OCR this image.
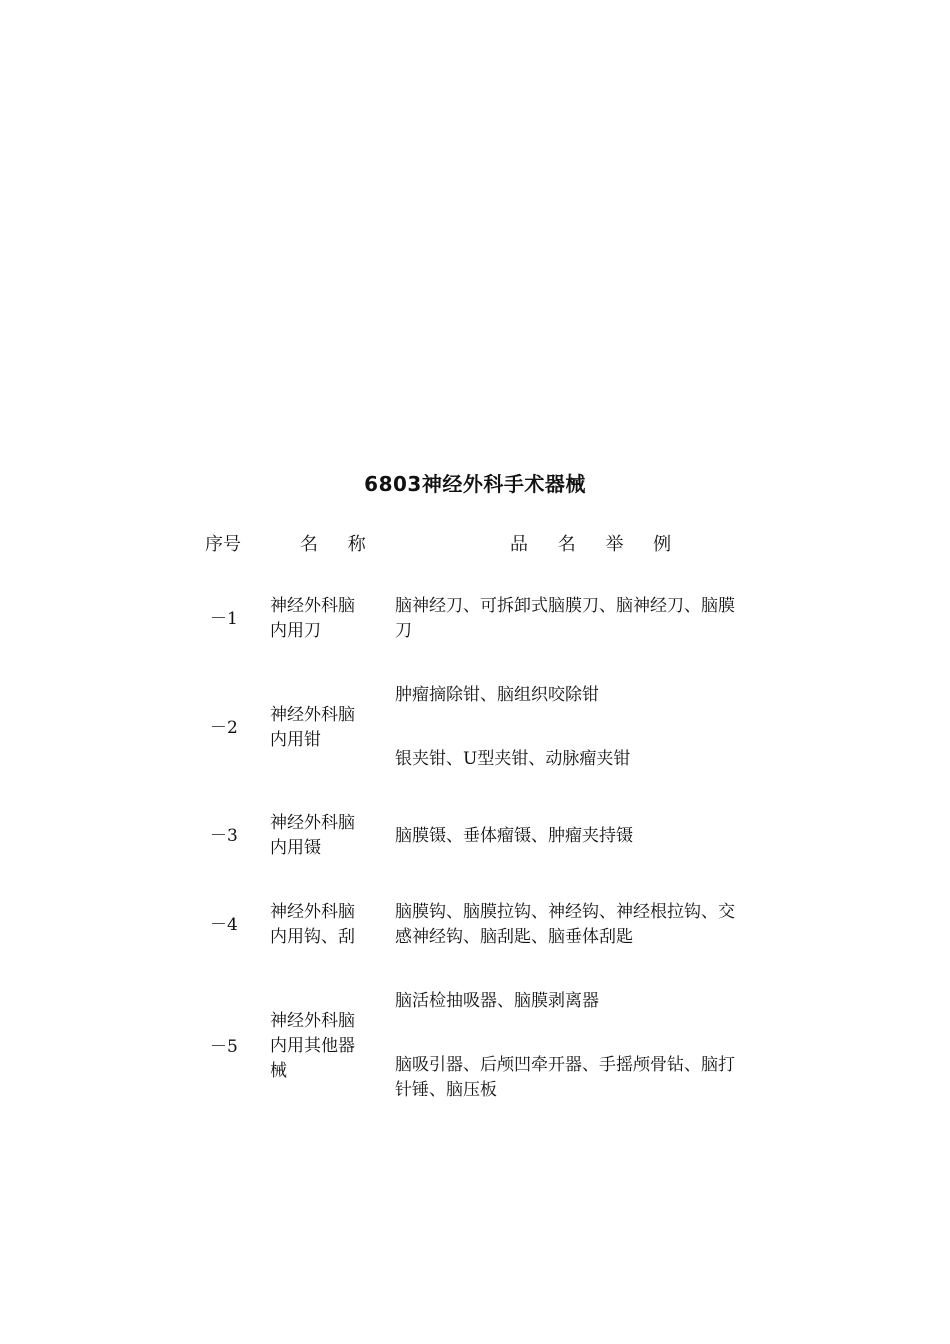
6803神经外科手术器械
序号	名 称	品 名 举 例
－1
神经外科脑内用刀
脑神经刀、可拆卸式脑膜刀、脑神经刀、脑膜刀
－2
神经外科脑内用钳
肿瘤摘除钳、脑组织咬除钳
银夹钳、U型夹钳、动脉瘤夹钳
－3
神经外科脑内用镊
脑膜镊、垂体瘤镊、肿瘤夹持镊
－4
神经外科脑内用钩、刮
脑膜钩、脑膜拉钩、神经钩、神经根拉钩、交感神经钩、脑刮匙、脑垂体刮匙
－5
神经外科脑内用其他器械
脑活检抽吸器、脑膜剥离器
脑吸引器、后颅凹牵开器、手摇颅骨钻、脑打针锤、脑压板
